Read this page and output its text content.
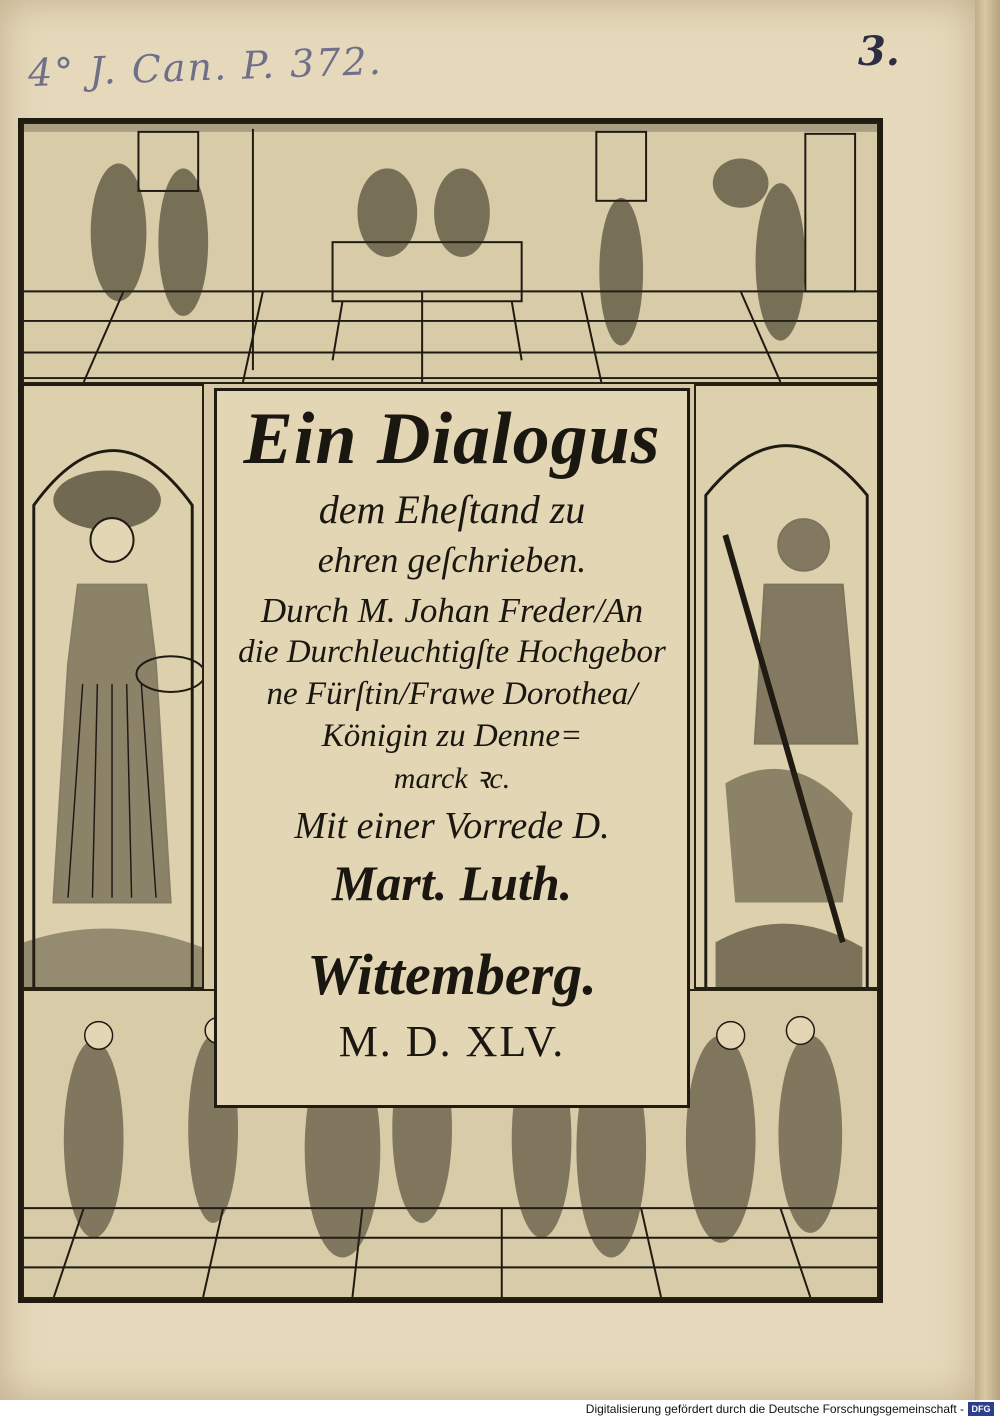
4° J. Can. P. 372.	3.
Ein Dialogus
dem Eheſtand zu
ehren geſchrieben.
Durch M. Johan Freder/An
die Durchleuchtigſte Hochgebor
ne Fürſtin/Frawe Dorothea/
Königin zu Denne=
marck ꝛc.
Mit einer Vorrede D.
Mart. Luth.
Wittemberg.
M. D. XLV.
Digitalisierung gefördert durch die Deutsche Forschungsgemeinschaft - DFG
